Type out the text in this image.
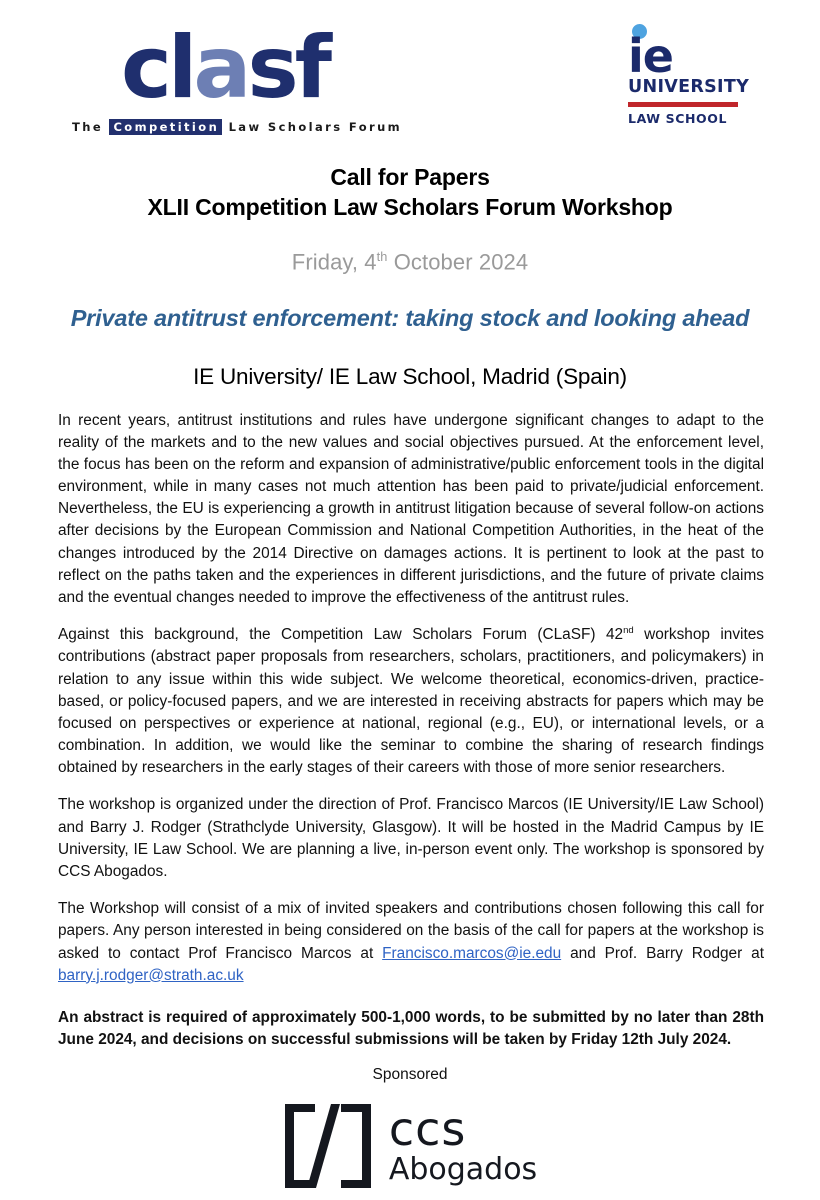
clasf
The Competition Law Scholars Forum
ie
UNIVERSITY
LAW SCHOOL
Call for Papers
XLII Competition Law Scholars Forum Workshop
Friday, 4th October 2024
Private antitrust enforcement: taking stock and looking ahead
IE University/ IE Law School, Madrid (Spain)

In recent years, antitrust institutions and rules have undergone significant changes to adapt to the reality of the markets and to the new values and social objectives pursued. At the enforcement level, the focus has been on the reform and expansion of administrative/public enforcement tools in the digital environment, while in many cases not much attention has been paid to private/judicial enforcement. Nevertheless, the EU is experiencing a growth in antitrust litigation because of several follow-on actions after decisions by the European Commission and National Competition Authorities, in the heat of the changes introduced by the 2014 Directive on damages actions. It is pertinent to look at the past to reflect on the paths taken and the experiences in different jurisdictions, and the future of private claims and the eventual changes needed to improve the effectiveness of the antitrust rules.

Against this background, the Competition Law Scholars Forum (CLaSF) 42nd workshop invites contributions (abstract paper proposals from researchers, scholars, practitioners, and policymakers) in relation to any issue within this wide subject. We welcome theoretical, economics-driven, practice-based, or policy-focused papers, and we are interested in receiving abstracts for papers which may be focused on perspectives or experience at national, regional (e.g., EU), or international levels, or a combination. In addition, we would like the seminar to combine the sharing of research findings obtained by researchers in the early stages of their careers with those of more senior researchers.

The workshop is organized under the direction of Prof. Francisco Marcos (IE University/IE Law School) and Barry J. Rodger (Strathclyde University, Glasgow). It will be hosted in the Madrid Campus by IE University, IE Law School. We are planning a live, in-person event only. The workshop is sponsored by CCS Abogados.

The Workshop will consist of a mix of invited speakers and contributions chosen following this call for papers. Any person interested in being considered on the basis of the call for papers at the workshop is asked to contact Prof Francisco Marcos at Francisco.marcos@ie.edu and Prof. Barry Rodger at barry.j.rodger@strath.ac.uk

An abstract is required of approximately 500-1,000 words, to be submitted by no later than 28th June 2024, and decisions on successful submissions will be taken by Friday 12th July 2024.

Sponsored
ccs
Abogados
